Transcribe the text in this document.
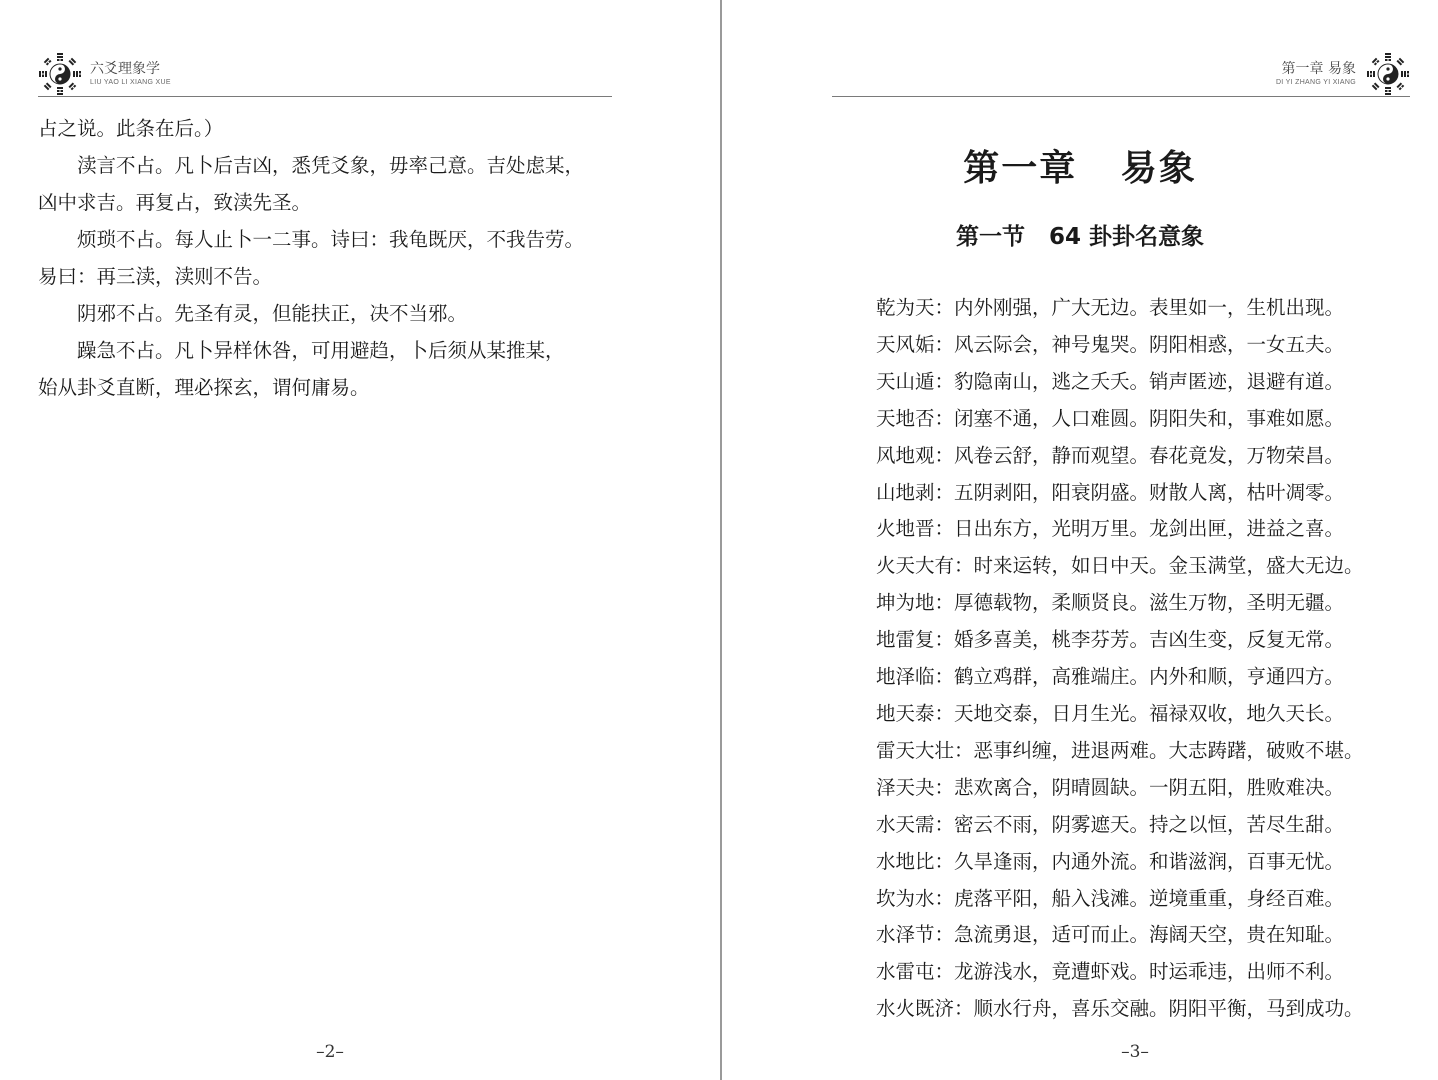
六爻理象学
LIU YAO LI XIANG XUE

占之说。此条在后。）

　　渎言不占。凡卜后吉凶，悉凭爻象，毋率己意。吉处虑某，

凶中求吉。再复占，致渎先圣。

　　烦琐不占。每人止卜一二事。诗曰：我龟既厌，不我告劳。

易曰：再三渎，渎则不告。

　　阴邪不占。先圣有灵，但能扶正，决不当邪。

　　躁急不占。凡卜异样休咎，可用避趋，卜后须从某推某，

始从卦爻直断，理必探玄，谓何庸易。

–2–
第一章 易象
DI YI ZHANG YI XIANG
第一章   易象
第一节   64 卦卦名意象
乾为天：内外刚强，广大无边。表里如一，生机出现。
天风姤：风云际会，神号鬼哭。阴阳相惑，一女五夫。
天山遁：豹隐南山，逃之夭夭。销声匿迹，退避有道。
天地否：闭塞不通，人口难圆。阴阳失和，事难如愿。
风地观：风卷云舒，静而观望。春花竟发，万物荣昌。
山地剥：五阴剥阳，阳衰阴盛。财散人离，枯叶凋零。
火地晋：日出东方，光明万里。龙剑出匣，进益之喜。
火天大有：时来运转，如日中天。金玉满堂，盛大无边。
坤为地：厚德载物，柔顺贤良。滋生万物，圣明无疆。
地雷复：婚多喜美，桃李芬芳。吉凶生变，反复无常。
地泽临：鹤立鸡群，高雅端庄。内外和顺，亨通四方。
地天泰：天地交泰，日月生光。福禄双收，地久天长。
雷天大壮：恶事纠缠，进退两难。大志踌躇，破败不堪。
泽天夬：悲欢离合，阴晴圆缺。一阴五阳，胜败难决。
水天需：密云不雨，阴雾遮天。持之以恒，苦尽生甜。
水地比：久旱逢雨，内通外流。和谐滋润，百事无忧。
坎为水：虎落平阳，船入浅滩。逆境重重，身经百难。
水泽节：急流勇退，适可而止。海阔天空，贵在知耻。
水雷屯：龙游浅水，竟遭虾戏。时运乖违，出师不利。
水火既济：顺水行舟，喜乐交融。阴阳平衡，马到成功。
–3–
